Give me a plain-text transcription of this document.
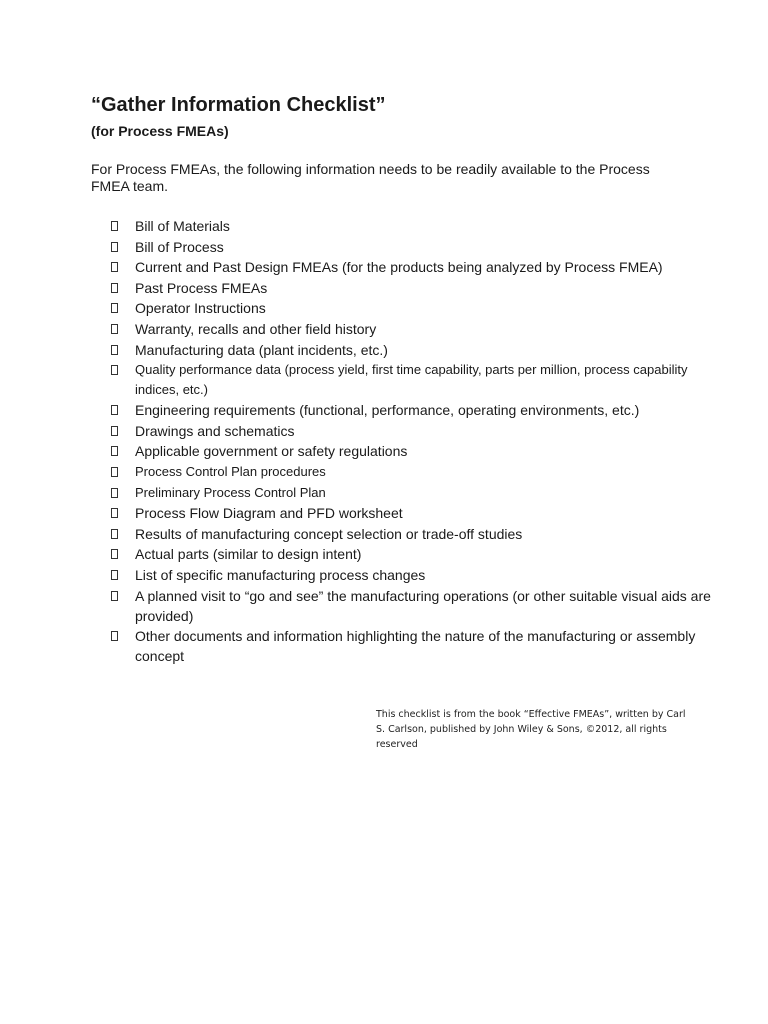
“Gather Information Checklist”
(for Process FMEAs)

For Process FMEAs, the following information needs to be readily available to the Process FMEA team.

Bill of Materials
Bill of Process
Current and Past Design FMEAs (for the products being analyzed by Process FMEA)
Past Process FMEAs
Operator Instructions
Warranty, recalls and other field history
Manufacturing data (plant incidents, etc.)
Quality performance data (process yield, first time capability, parts per million, process capability indices, etc.)
Engineering requirements (functional, performance, operating environments, etc.)
Drawings and schematics
Applicable government or safety regulations
Process Control Plan procedures
Preliminary Process Control Plan
Process Flow Diagram and PFD worksheet
Results of manufacturing concept selection or trade-off studies
Actual parts (similar to design intent)
List of specific manufacturing process changes
A planned visit to “go and see” the manufacturing operations (or other suitable visual aids are provided)
Other documents and information highlighting the nature of the manufacturing or assembly concept

This checklist is from the book “Effective FMEAs”, written by Carl S. Carlson, published by John Wiley & Sons, ©2012, all rights reserved
